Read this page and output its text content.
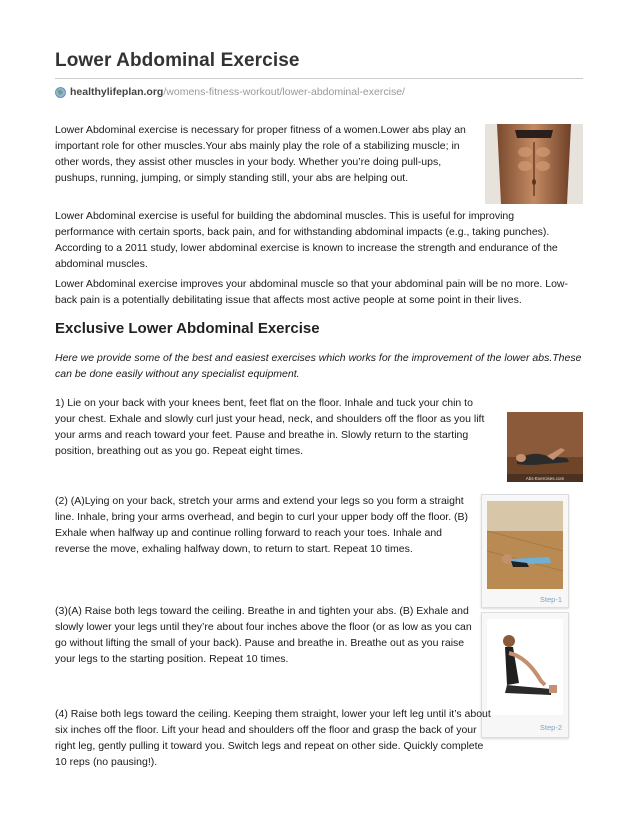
Lower Abdominal Exercise
healthylifeplan.org /womens-fitness-workout/lower-abdominal-exercise/

Lower Abdominal exercise is necessary for proper fitness of a women.Lower abs play an important role for other muscles.Your abs mainly play the role of a stabilizing muscle; in other words, they assist other muscles in your body. Whether you’re doing pull-ups, pushups, running, jumping, or simply standing still, your abs are helping out.

Lower Abdominal exercise is useful for building the abdominal muscles. This is useful for improving performance with certain sports, back pain, and for withstanding abdominal impacts (e.g., taking punches). According to a 2011 study, lower abdominal exercise is known to increase the strength and endurance of the abdominal muscles.

Lower Abdominal exercise improves your abdominal muscle so that your abdominal pain will be no more. Low-back pain is a potentially debilitating issue that affects most active people at some point in their lives.

Exclusive Lower Abdominal Exercise

Here we provide some of the best and easiest exercises which works for the improvement of the lower abs.These can be done easily without any specialist equipment.

1) Lie on your back with your knees bent, feet flat on the floor. Inhale and tuck your chin to your chest. Exhale and slowly curl just your head, neck, and shoulders off the floor as you lift your arms and reach toward your feet. Pause and breathe in. Slowly return to the starting position, breathing out as you go. Repeat eight times.

Abs-Exercises.com

(2) (A)Lying on your back, stretch your arms and extend your legs so you form a straight line. Inhale, bring your arms overhead, and begin to curl your upper body off the floor. (B) Exhale when halfway up and continue rolling forward to reach your toes. Inhale and reverse the move, exhaling halfway down, to return to start. Repeat 10 times.

Step-1

(3)(A) Raise both legs toward the ceiling. Breathe in and tighten your abs. (B) Exhale and slowly lower your legs until they’re about four inches above the floor (or as low as you can go without lifting the small of your back). Pause and breathe in. Breathe out as you raise your legs to the starting position. Repeat 10 times.

Step-2

(4) Raise both legs toward the ceiling. Keeping them straight, lower your left leg until it’s about six inches off the floor. Lift your head and shoulders off the floor and grasp the back of your right leg, gently pulling it toward you. Switch legs and repeat on other side. Quickly complete 10 reps (no pausing!).
